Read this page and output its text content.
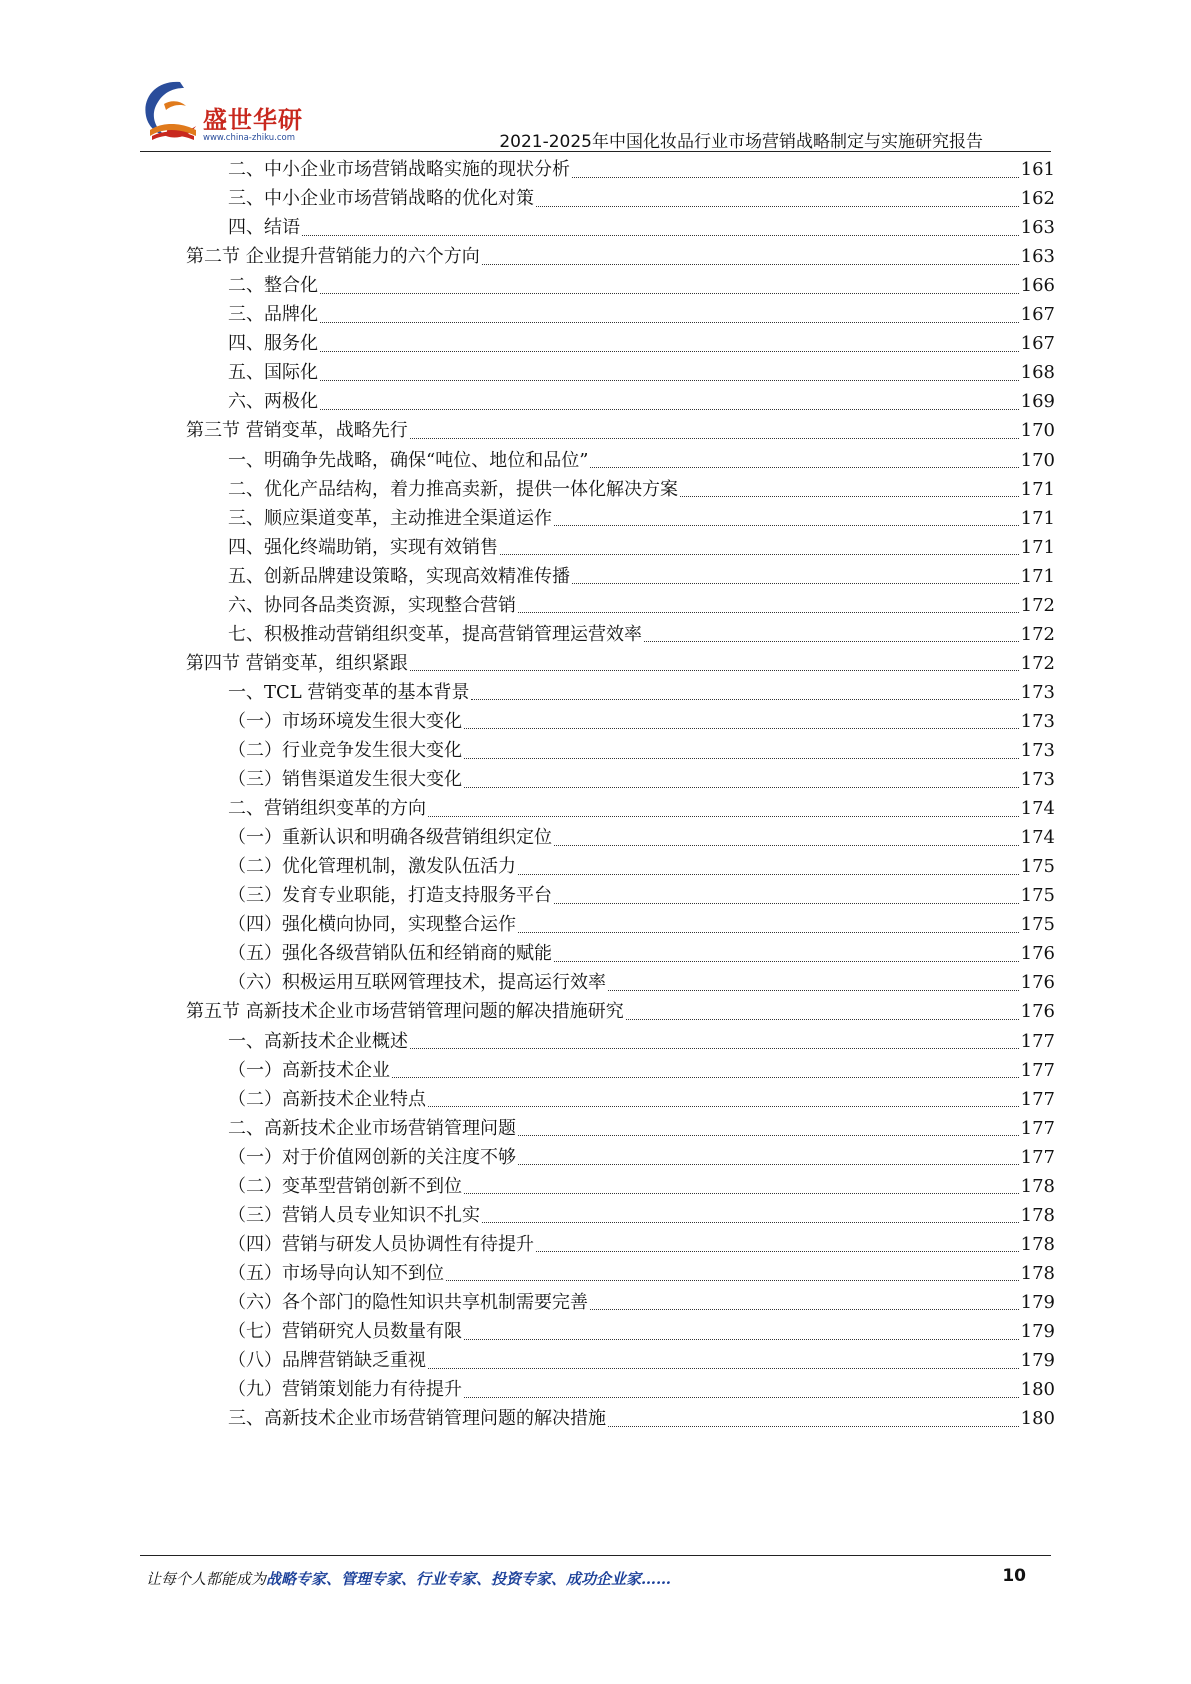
盛世华研
www.china-zhiku.com	2021-2025年中国化妆品行业市场营销战略制定与实施研究报告
二、中小企业市场营销战略实施的现状分析	161
三、中小企业市场营销战略的优化对策	162
四、结语	163
第二节 企业提升营销能力的六个方向	163
二、整合化	166
三、品牌化	167
四、服务化	167
五、国际化	168
六、两极化	169
第三节 营销变革，战略先行	170
一、明确争先战略，确保“吨位、地位和品位”	170
二、优化产品结构，着力推高卖新，提供一体化解决方案	171
三、顺应渠道变革，主动推进全渠道运作	171
四、强化终端助销，实现有效销售	171
五、创新品牌建设策略，实现高效精准传播	171
六、协同各品类资源，实现整合营销	172
七、积极推动营销组织变革，提高营销管理运营效率	172
第四节 营销变革，组织紧跟	172
一、TCL 营销变革的基本背景	173
（一）市场环境发生很大变化	173
（二）行业竞争发生很大变化	173
（三）销售渠道发生很大变化	173
二、营销组织变革的方向	174
（一）重新认识和明确各级营销组织定位	174
（二）优化管理机制，激发队伍活力	175
（三）发育专业职能，打造支持服务平台	175
（四）强化横向协同，实现整合运作	175
（五）强化各级营销队伍和经销商的赋能	176
（六）积极运用互联网管理技术，提高运行效率	176
第五节 高新技术企业市场营销管理问题的解决措施研究	176
一、高新技术企业概述	177
（一）高新技术企业	177
（二）高新技术企业特点	177
二、高新技术企业市场营销管理问题	177
（一）对于价值网创新的关注度不够	177
（二）变革型营销创新不到位	178
（三）营销人员专业知识不扎实	178
（四）营销与研发人员协调性有待提升	178
（五）市场导向认知不到位	178
（六）各个部门的隐性知识共享机制需要完善	179
（七）营销研究人员数量有限	179
（八）品牌营销缺乏重视	179
（九）营销策划能力有待提升	180
三、高新技术企业市场营销管理问题的解决措施	180
让每个人都能成为战略专家、管理专家、行业专家、投资专家、成功企业家……	10
